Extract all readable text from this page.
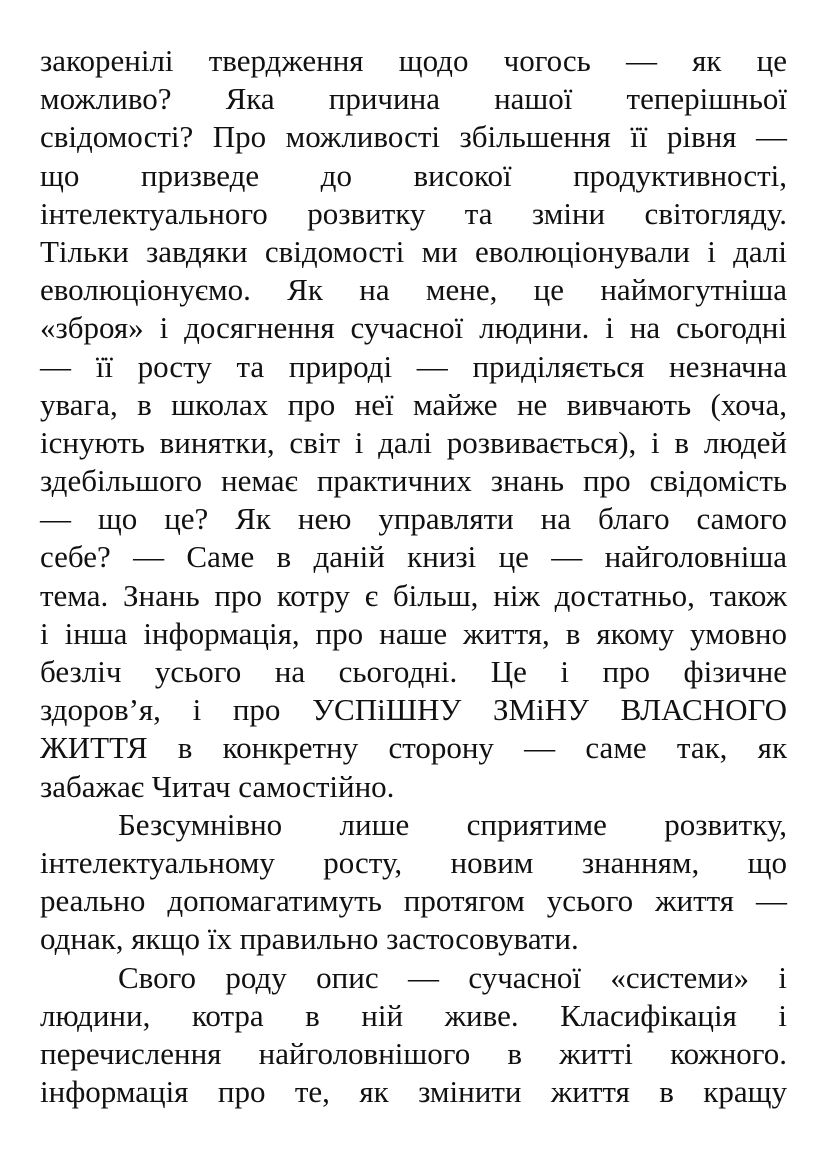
закоренілі твердження щодо чогось — як це
можливо? Яка причина нашої теперішньої
свідомості? Про можливості збільшення її рівня —
що призведе до високої продуктивності,
інтелектуального розвитку та зміни світогляду.
Тільки завдяки свідомості ми еволюціонували і далі
еволюціонуємо. Як на мене, це наймогутніша
«зброя» і досягнення сучасної людини. і на сьогодні
— її росту та природі — приділяється незначна
увага, в школах про неї майже не вивчають (хоча,
існують винятки, світ і далі розвивається), і в людей
здебільшого немає практичних знань про свідомість
— що це? Як нею управляти на благо самого
себе? — Саме в даній книзі це — найголовніша
тема. Знань про котру є більш, ніж достатньо, також
і інша інформація, про наше життя, в якому умовно
безліч усього на сьогодні. Це і про фізичне
здоров’я, і про УСПіШНУ ЗМіНУ ВЛАСНОГО
ЖИТТЯ в конкретну сторону — саме так, як
забажає Читач самостійно.
Безсумнівно лише сприятиме розвитку,
інтелектуальному росту, новим знанням, що
реально допомагатимуть протягом усього життя —
однак, якщо їх правильно застосовувати.
Свого роду опис — сучасної «системи» і
людини, котра в ній живе. Класифікація і
перечислення найголовнішого в житті кожного.
інформація про те, як змінити життя в кращу
